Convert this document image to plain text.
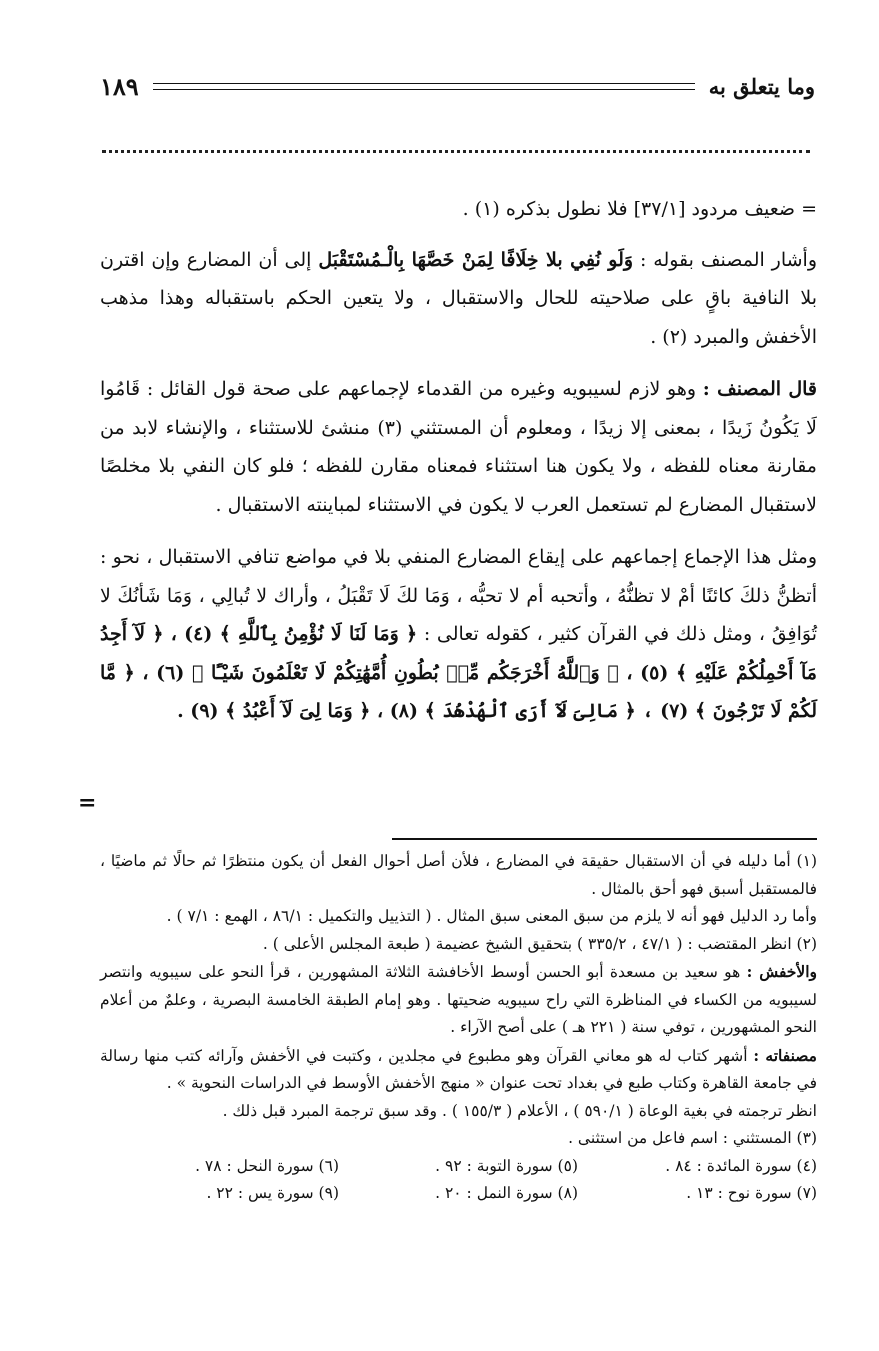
وما يتعلق به
١٨٩

= ضعيف مردود [٣٧/١] فلا نطول بذكره (١) .

وأشار المصنف بقوله : وَلَو نُفِي بلا خِلَافًا لِمَنْ خَصَّهَا بِالْـمُسْتَقْبَل إلى أن المضارع وإن اقترن بلا النافية باقٍ على صلاحيته للحال والاستقبال ، ولا يتعين الحكم باستقباله وهذا مذهب الأخفش والمبرد (٢) .

قال المصنف : وهو لازم لسيبويه وغيره من القدماء لإجماعهم على صحة قول القائل : قَامُوا لَا يَكُونُ زَيدًا ، بمعنى إلا زيدًا ، ومعلوم أن المستثني (٣) منشئ للاستثناء ، والإنشاء لابد من مقارنة معناه للفظه ، ولا يكون هنا استثناء فمعناه مقارن للفظه ؛ فلو كان النفي بلا مخلصًا لاستقبال المضارع لم تستعمل العرب لا يكون في الاستثناء لمباينته الاستقبال .

ومثل هذا الإجماع إجماعهم على إيقاع المضارع المنفي بلا في مواضع تنافي الاستقبال ، نحو : أتظنُّ ذلكَ كائنًا أمْ لا تظنُّهُ ، وأتحبه أم لا تحبُّه ، وَمَا لكَ لَا تَقْبَلُ ، وأراك لا تُبالِي ، وَمَا شَأنُكَ لا تُوَافِقُ ، ومثل ذلك في القرآن كثير ، كقوله تعالى : ﴿ وَمَا لَنَا لَا نُؤْمِنُ بِٱللَّهِ ﴾ (٤) ، ﴿ لَآ أَجِدُ مَآ أَحْمِلُكُمْ عَلَيْهِ ﴾ (٥) ، ﴿ وَٱللَّهُ أَخْرَجَكُم مِّنۢ بُطُونِ أُمَّهَٰتِكُمْ لَا تَعْلَمُونَ شَيْـًٔا ﴾ (٦) ، ﴿ مَّا لَكُمْ لَا تَرْجُونَ ﴾ (٧) ، ﴿ مَالِىَ لَآ أَرَى ٱلْهُدْهُدَ ﴾ (٨) ، ﴿ وَمَا لِىَ لَآ أَعْبُدُ ﴾ (٩) .

=

(١) أما دليله في أن الاستقبال حقيقة في المضارع ، فلأن أصل أحوال الفعل أن يكون منتظرًا ثم حالًا ثم ماضيًا ، فالمستقبل أسبق فهو أحق بالمثال .

وأما رد الدليل فهو أنه لا يلزم من سبق المعنى سبق المثال . ( التذييل والتكميل : ٨٦/١ ، الهمع : ٧/١ ) .

(٢) انظر المقتضب : ( ٤٧/١ ، ٣٣٥/٢ ) بتحقيق الشيخ عضيمة ( طبعة المجلس الأعلى ) .

والأخفش : هو سعيد بن مسعدة أبو الحسن أوسط الأخافشة الثلاثة المشهورين ، قرأ النحو على سيبويه وانتصر لسيبويه من الكساء في المناظرة التي راح سيبويه ضحيتها . وهو إمام الطبقة الخامسة البصرية ، وعلمٌ من أعلام النحو المشهورين ، توفي سنة ( ٢٢١ هـ ) على أصح الآراء .

مصنفاته : أشهر كتاب له هو معاني القرآن وهو مطبوع في مجلدين ، وكتبت في الأخفش وآرائه كتب منها رسالة في جامعة القاهرة وكتاب طبع في بغداد تحت عنوان « منهج الأخفش الأوسط في الدراسات النحوية » .

انظر ترجمته في بغية الوعاة ( ٥٩٠/١ ) ، الأعلام ( ١٥٥/٣ ) . وقد سبق ترجمة المبرد قبل ذلك .

(٣) المستثني : اسم فاعل من استثنى .

(٤) سورة المائدة : ٨٤ .
(٥) سورة التوبة : ٩٢ .
(٦) سورة النحل : ٧٨ .
(٧) سورة نوح : ١٣ .
(٨) سورة النمل : ٢٠ .
(٩) سورة يس : ٢٢ .
